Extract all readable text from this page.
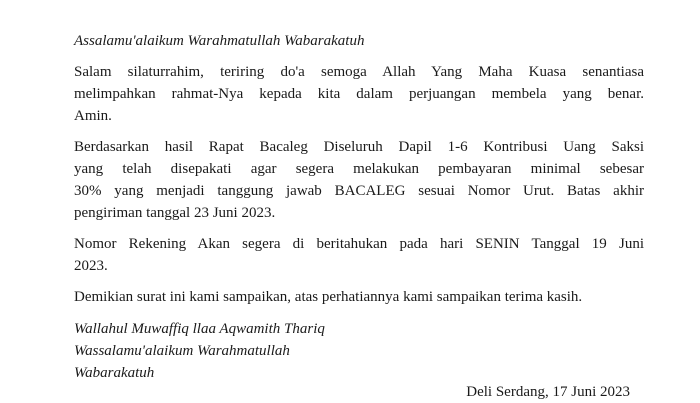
Assalamu'alaikum Warahmatullah Wabarakatuh

Salam silaturrahim, teriring do'a semoga Allah Yang Maha Kuasa senantiasa
melimpahkan rahmat-Nya kepada kita dalam perjuangan membela yang benar.
Amin.

Berdasarkan hasil Rapat Bacaleg Diseluruh Dapil 1-6 Kontribusi Uang Saksi
yang telah disepakati agar segera melakukan pembayaran minimal sebesar
30% yang menjadi tanggung jawab BACALEG sesuai Nomor Urut. Batas akhir
pengiriman tanggal 23 Juni 2023.

Nomor Rekening Akan segera di beritahukan pada hari SENIN Tanggal 19 Juni
2023.

Demikian surat ini kami sampaikan, atas perhatiannya kami sampaikan terima kasih.

Wallahul Muwaffiq llaa Aqwamith Thariq
Wassalamu'alaikum Warahmatullah
Wabarakatuh
Deli Serdang, 17 Juni 2023
